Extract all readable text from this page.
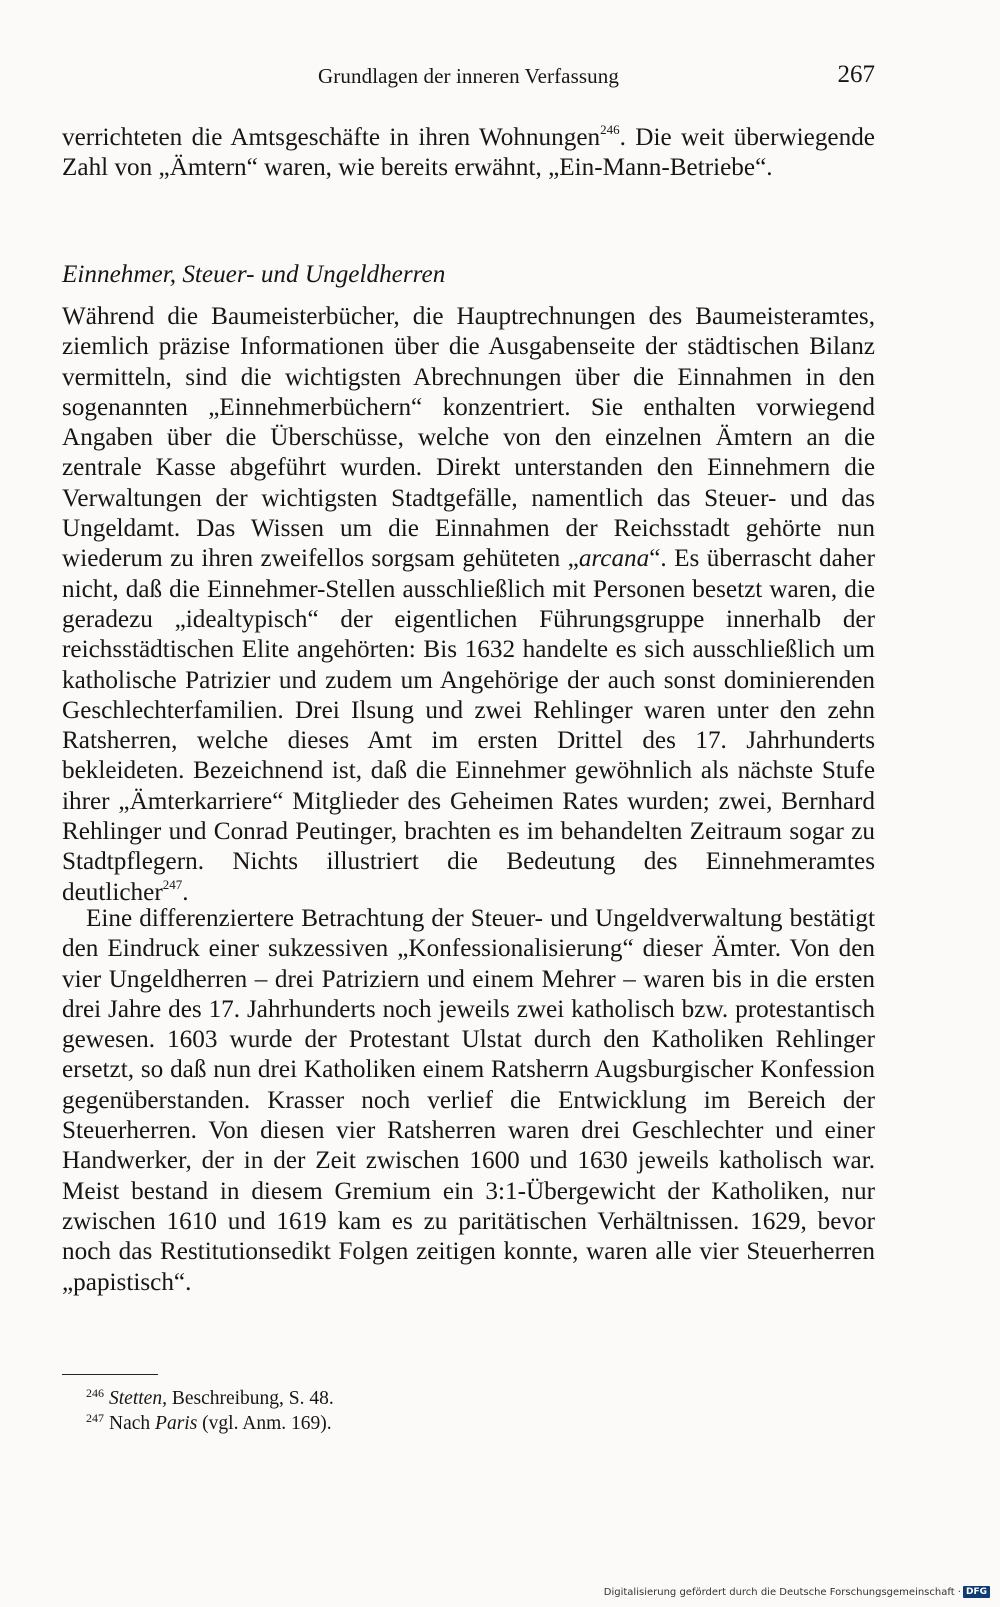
Grundlagen der inneren Verfassung	267
verrichteten die Amtsgeschäfte in ihren Wohnungen$^{246}$. Die weit überwiegende Zahl von „Ämtern“ waren, wie bereits erwähnt, „Ein-Mann-Betriebe“.
Einnehmer, Steuer- und Ungeldherren
Während die Baumeisterbücher, die Hauptrechnungen des Baumeisteramtes, ziemlich präzise Informationen über die Ausgabenseite der städtischen Bilanz vermitteln, sind die wichtigsten Abrechnungen über die Einnahmen in den sogenannten „Einnehmerbüchern“ konzentriert. Sie enthalten vorwiegend Angaben über die Überschüsse, welche von den einzelnen Ämtern an die zentrale Kasse abgeführt wurden. Direkt unterstanden den Einnehmern die Verwaltungen der wichtigsten Stadtgefälle, namentlich das Steuer- und das Ungeldamt. Das Wissen um die Einnahmen der Reichsstadt gehörte nun wiederum zu ihren zweifellos sorgsam gehüteten „arcana“. Es überrascht daher nicht, daß die Einnehmer-Stellen ausschließlich mit Personen besetzt waren, die geradezu „idealtypisch“ der eigentlichen Führungsgruppe innerhalb der reichsstädtischen Elite angehörten: Bis 1632 handelte es sich ausschließlich um katholische Patrizier und zudem um Angehörige der auch sonst dominierenden Geschlechterfamilien. Drei Ilsung und zwei Rehlinger waren unter den zehn Ratsherren, welche dieses Amt im ersten Drittel des 17. Jahrhunderts bekleideten. Bezeichnend ist, daß die Einnehmer gewöhnlich als nächste Stufe ihrer „Ämterkarriere“ Mitglieder des Geheimen Rates wurden; zwei, Bernhard Rehlinger und Conrad Peutinger, brachten es im behandelten Zeitraum sogar zu Stadtpflegern. Nichts illustriert die Bedeutung des Einnehmeramtes deutlicher$^{247}$.
Eine differenziertere Betrachtung der Steuer- und Ungeldverwaltung bestätigt den Eindruck einer sukzessiven „Konfessionalisierung“ dieser Ämter. Von den vier Ungeldherren – drei Patriziern und einem Mehrer – waren bis in die ersten drei Jahre des 17. Jahrhunderts noch jeweils zwei katholisch bzw. protestantisch gewesen. 1603 wurde der Protestant Ulstat durch den Katholiken Rehlinger ersetzt, so daß nun drei Katholiken einem Ratsherrn Augsburgischer Konfession gegenüberstanden. Krasser noch verlief die Entwicklung im Bereich der Steuerherren. Von diesen vier Ratsherren waren drei Geschlechter und einer Handwerker, der in der Zeit zwischen 1600 und 1630 jeweils katholisch war. Meist bestand in diesem Gremium ein 3:1-Übergewicht der Katholiken, nur zwischen 1610 und 1619 kam es zu paritätischen Verhältnissen. 1629, bevor noch das Restitutionsedikt Folgen zeitigen konnte, waren alle vier Steuerherren „papistisch“.
$^{246}$ Stetten, Beschreibung, S. 48.
$^{247}$ Nach Paris (vgl. Anm. 169).
Digitalisierung gefördert durch die Deutsche Forschungsgemeinschaft · DFG
